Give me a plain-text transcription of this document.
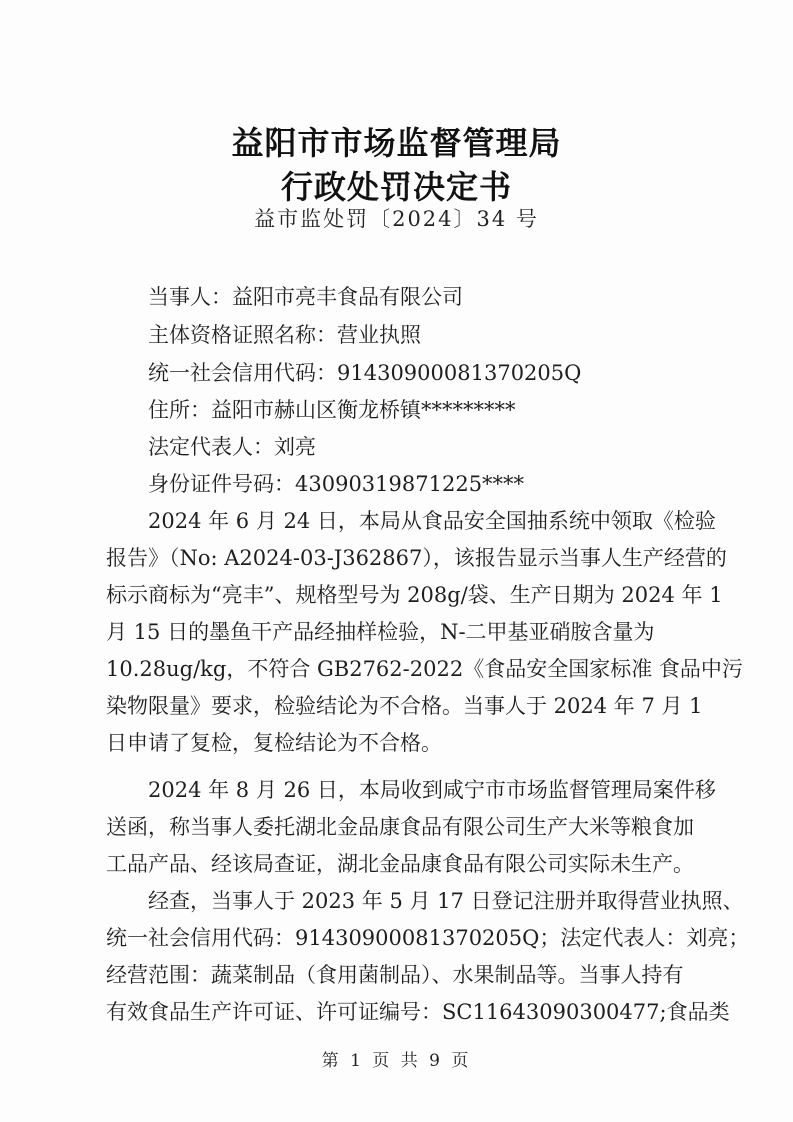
益阳市市场监督管理局
行政处罚决定书
益市监处罚〔2024〕34 号
当事人：益阳市亮丰食品有限公司
主体资格证照名称：营业执照
统一社会信用代码：91430900081370205Q
住所：益阳市赫山区衡龙桥镇*********
法定代表人：刘亮
身份证件号码：43090319871225****
2024 年 6 月 24 日，本局从食品安全国抽系统中领取《检验
报告》（No: A2024-03-J362867），该报告显示当事人生产经营的
标示商标为“亮丰”、规格型号为 208g/袋、生产日期为 2024 年 1
月 15 日的墨鱼干产品经抽样检验，N-二甲基亚硝胺含量为
10.28ug/kg，不符合 GB2762-2022《食品安全国家标准 食品中污
染物限量》要求，检验结论为不合格。当事人于 2024 年 7 月 1
日申请了复检，复检结论为不合格。
2024 年 8 月 26 日，本局收到咸宁市市场监督管理局案件移
送函，称当事人委托湖北金品康食品有限公司生产大米等粮食加
工品产品、经该局查证，湖北金品康食品有限公司实际未生产。
经查，当事人于 2023 年 5 月 17 日登记注册并取得营业执照、
统一社会信用代码：91430900081370205Q；法定代表人：刘亮；
经营范围：蔬菜制品（食用菌制品）、水果制品等。当事人持有
有效食品生产许可证、许可证编号：SC11643090300477;食品类
第 1 页 共 9 页
